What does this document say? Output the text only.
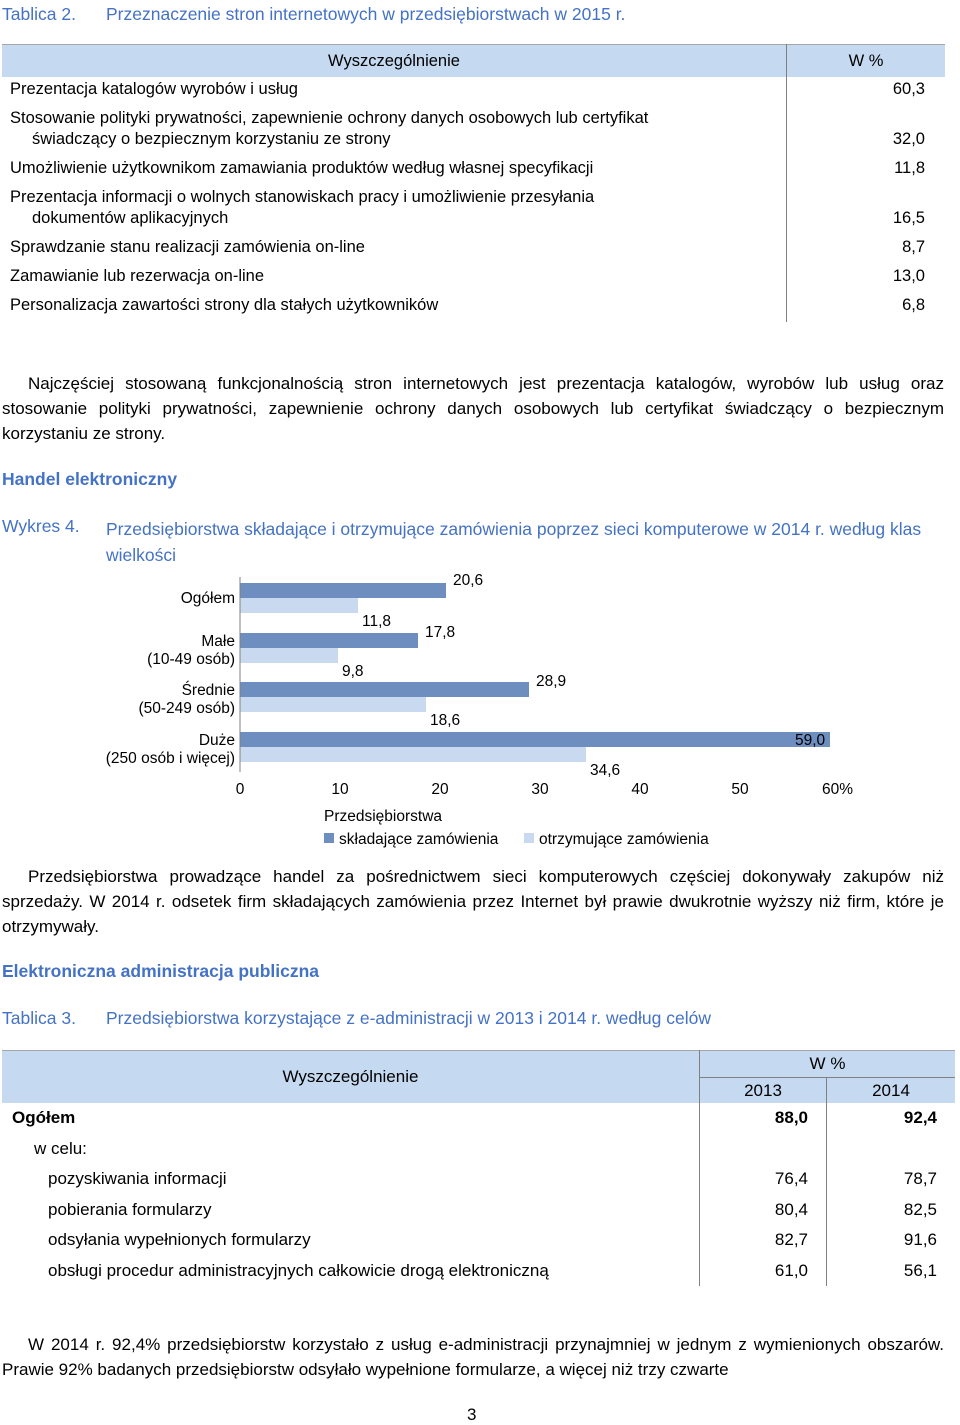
Tablica 2. Przeznaczenie stron internetowych w przedsiębiorstwach w 2015 r.
Wyszczególnienie	W %
Prezentacja katalogów wyrobów i usług	60,3
Stosowanie polityki prywatności, zapewnienie ochrony danych osobowych lub certyfikat
świadczący o bezpiecznym korzystaniu ze strony	32,0
Umożliwienie użytkownikom zamawiania produktów według własnej specyfikacji	11,8
Prezentacja informacji o wolnych stanowiskach pracy i umożliwienie przesyłania
dokumentów aplikacyjnych	16,5
Sprawdzanie stanu realizacji zamówienia on-line	8,7
Zamawianie lub rezerwacja on-line	13,0
Personalizacja zawartości strony dla stałych użytkowników	6,8
Najczęściej stosowaną funkcjonalnością stron internetowych jest prezentacja katalogów, wyrobów lub usług oraz stosowanie polityki prywatności, zapewnienie ochrony danych osobowych lub certyfikat świadczący o bezpiecznym korzystaniu ze strony.
Handel elektroniczny
Wykres 4. Przedsiębiorstwa składające i otrzymujące zamówienia poprzez sieci komputerowe w 2014 r. według klas wielkości
Ogółem
20,6
11,8
Małe
(10-49 osób)
17,8
9,8
Średnie
(50-249 osób)
28,9
18,6
Duże
(250 osób i więcej)
59,0
34,6
0	10	20	30	40	50	60%
Przedsiębiorstwa
składające zamówienia	otrzymujące zamówienia
Przedsiębiorstwa prowadzące handel za pośrednictwem sieci komputerowych częściej dokonywały zakupów niż sprzedaży. W 2014 r. odsetek firm składających zamówienia przez Internet był prawie dwukrotnie wyższy niż firm, które je otrzymywały.
Elektroniczna administracja publiczna
Tablica 3. Przedsiębiorstwa korzystające z e-administracji w 2013 i 2014 r. według celów
Wyszczególnienie	W %	
	2013	2014
Ogółem	88,0	92,4
w celu:		
pozyskiwania informacji	76,4	78,7
pobierania formularzy	80,4	82,5
odsyłania wypełnionych formularzy	82,7	91,6
obsługi procedur administracyjnych całkowicie drogą elektroniczną	61,0	56,1
W 2014 r. 92,4% przedsiębiorstw korzystało z usług e-administracji przynajmniej w jednym z wymienionych obszarów. Prawie 92% badanych przedsiębiorstw odsyłało wypełnione formularze, a więcej niż trzy czwarte
3
